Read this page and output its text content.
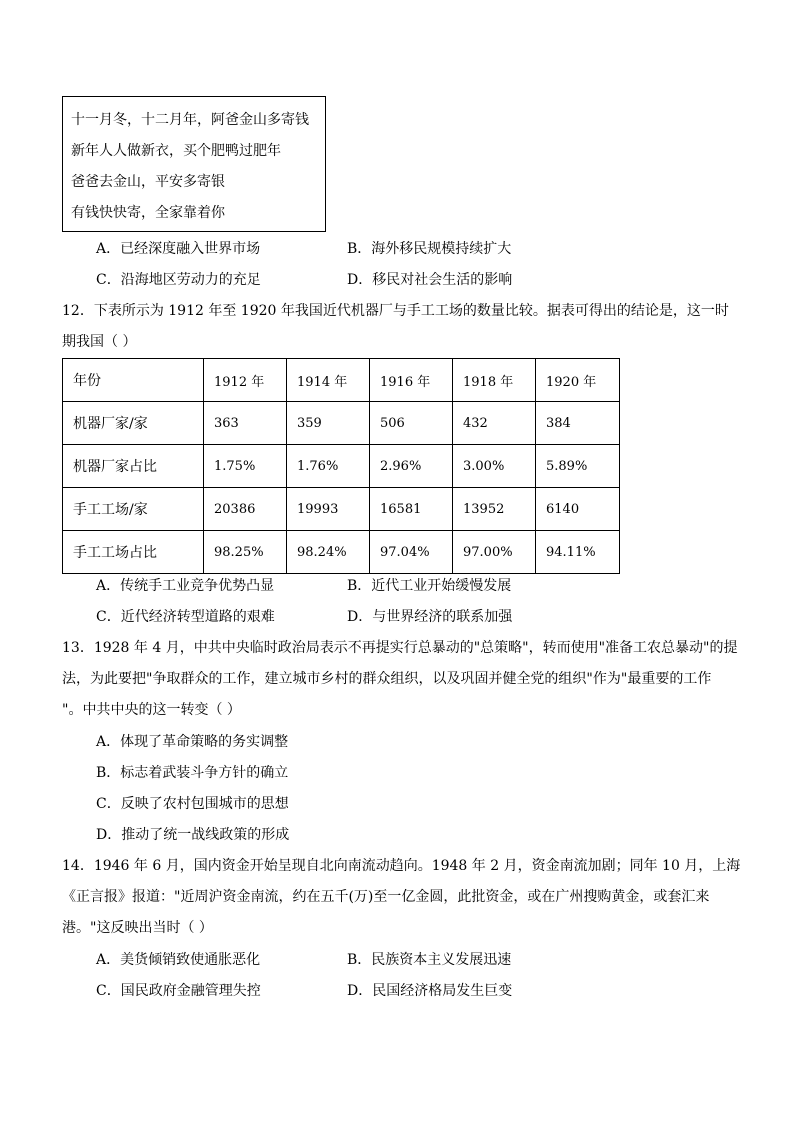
十一月冬，十二月年，阿爸金山多寄钱
新年人人做新衣，买个肥鸭过肥年
爸爸去金山，平安多寄银
有钱快快寄，全家靠着你
A．已经深度融入世界市场	B．海外移民规模持续扩大
C．沿海地区劳动力的充足	D．移民对社会生活的影响
12．下表所示为 1912 年至 1920 年我国近代机器厂与手工工场的数量比较。据表可得出的结论是，这一时
期我国（ ）
年份	1912 年	1914 年	1916 年	1918 年	1920 年
机器厂家/家	363	359	506	432	384
机器厂家占比	1.75%	1.76%	2.96%	3.00%	5.89%
手工工场/家	20386	19993	16581	13952	6140
手工工场占比	98.25%	98.24%	97.04%	97.00%	94.11%
A．传统手工业竞争优势凸显	B．近代工业开始缓慢发展
C．近代经济转型道路的艰难	D．与世界经济的联系加强
13．1928 年 4 月，中共中央临时政治局表示不再提实行总暴动的"总策略"，转而使用"准备工农总暴动"的提
法，为此要把"争取群众的工作，建立城市乡村的群众组织，以及巩固并健全党的组织"作为"最重要的工作
"。中共中央的这一转变（ ）
A．体现了革命策略的务实调整
B．标志着武装斗争方针的确立
C．反映了农村包围城市的思想
D．推动了统一战线政策的形成
14．1946 年 6 月，国内资金开始呈现自北向南流动趋向。1948 年 2 月，资金南流加剧；同年 10 月，上海
《正言报》报道："近周沪资金南流，约在五千(万)至一亿金圆，此批资金，或在广州搜购黄金，或套汇来
港。"这反映出当时（ ）
A．美货倾销致使通胀恶化	B．民族资本主义发展迅速
C．国民政府金融管理失控	D．民国经济格局发生巨变
